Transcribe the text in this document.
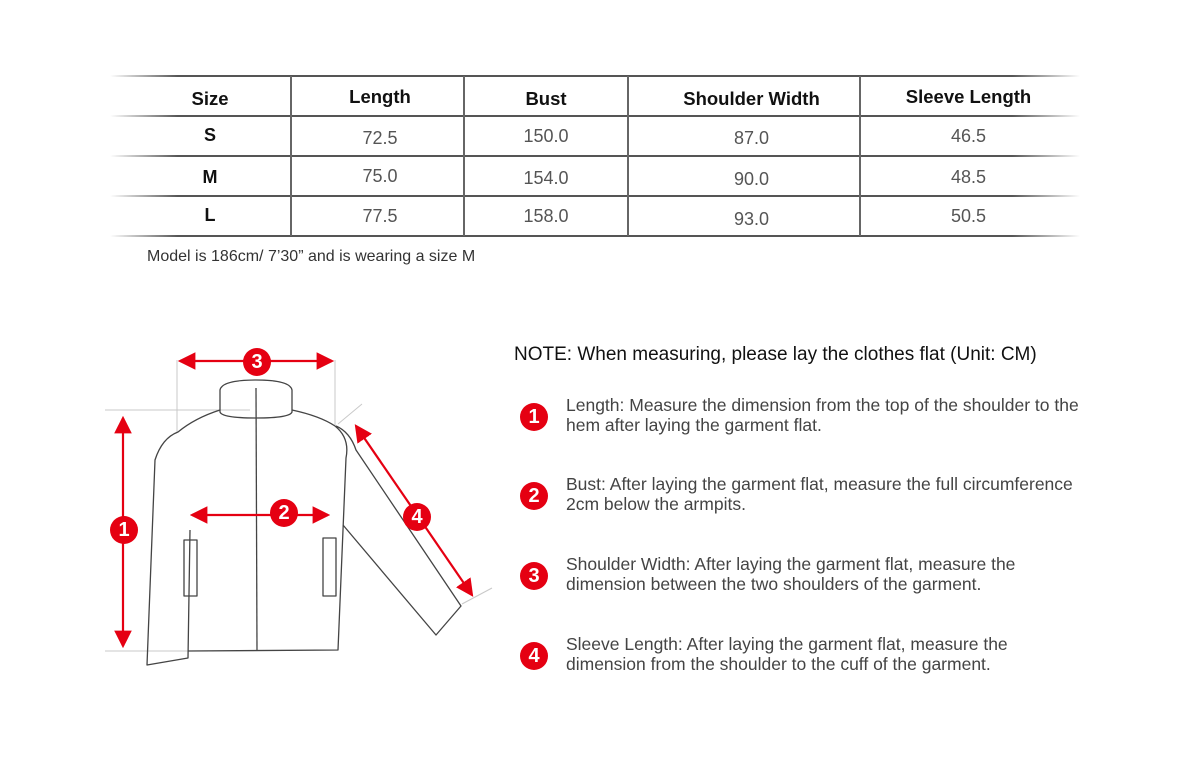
Size	Length	Bust	Shoulder Width	Sleeve Length
S	72.5	150.0	87.0	46.5
M	75.0	154.0	90.0	48.5
L	77.5	158.0	93.0	50.5
Model is 186cm/ 7’30” and is wearing a size M
3
1
2	4
NOTE: When measuring, please lay the clothes flat (Unit: CM)
1
Length: Measure the dimension from the top of the shoulder to the hem after laying the garment flat.
2
Bust: After laying the garment flat, measure the full circumference 2cm below the armpits.
3
Shoulder Width: After laying the garment flat, measure the dimension between the two shoulders of the garment.
4
Sleeve Length: After laying the garment flat, measure the dimension from the shoulder to the cuff of the garment.
